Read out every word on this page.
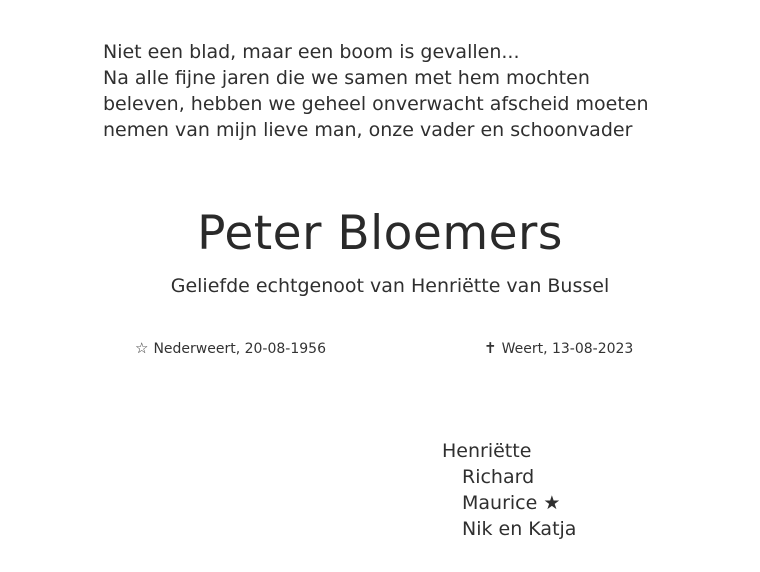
Niet een blad, maar een boom is gevallen...
Na alle fijne jaren die we samen met hem mochten
beleven, hebben we geheel onverwacht afscheid moeten
nemen van mijn lieve man, onze vader en schoonvader
Peter Bloemers
Geliefde echtgenoot van Henriëtte van Bussel
☆ Nederweert, 20-08-1956	✝ Weert, 13-08-2023
Henriëtte
Richard
Maurice ★
Nik en Katja
